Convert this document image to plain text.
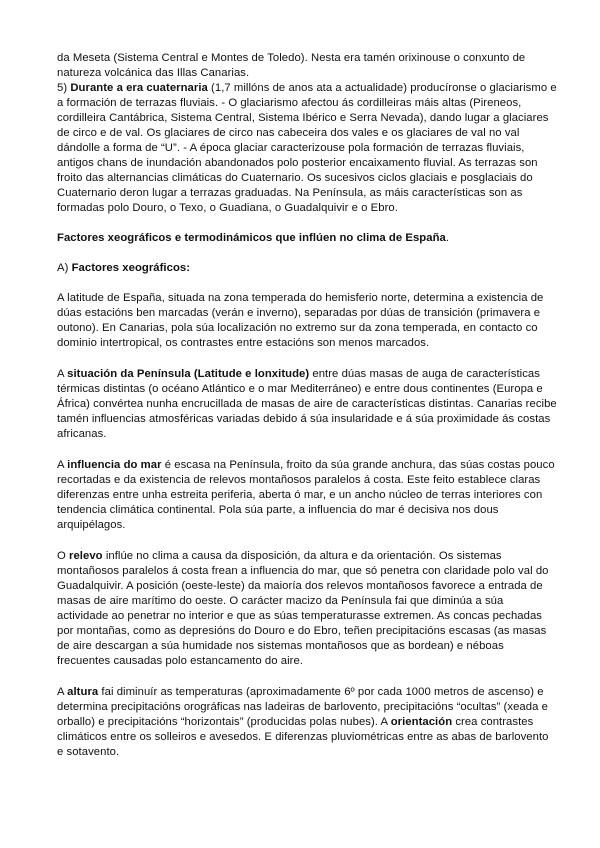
da Meseta (Sistema Central e Montes de Toledo). Nesta era tamén orixinouse o conxunto de natureza volcánica das Illas Canarias.

5) Durante a era cuaternaria (1,7 millóns de anos ata a actualidade) producíronse o glaciarismo e a formación de terrazas fluviais. - O glaciarismo afectou ás cordilleiras máis altas (Pireneos, cordilleira Cantábrica, Sistema Central, Sistema Ibérico e Serra Nevada), dando lugar a glaciares de circo e de val. Os glaciares de circo nas cabeceira dos vales e os glaciares de val no val dándolle a forma de “U”. - A época glaciar caracterizouse pola formación de terrazas fluviais, antigos chans de inundación abandonados polo posterior encaixamento fluvial. As terrazas son froito das alternancias climáticas do Cuaternario. Os sucesivos ciclos glaciais e posglaciais do Cuaternario deron lugar a terrazas graduadas. Na Península, as máis características son as formadas polo Douro, o Texo, o Guadiana, o Guadalquivir e o Ebro.

Factores xeográficos e termodinámicos que inflúen no clima de España.

A) Factores xeográficos:

A latitude de España, situada na zona temperada do hemisferio norte, determina a existencia de dúas estacións ben marcadas (verán e inverno), separadas por dúas de transición (primavera e outono). En Canarias, pola súa localización no extremo sur da zona temperada, en contacto co dominio intertropical, os contrastes entre estacións son menos marcados.

A situación da Península (Latitude e lonxitude) entre dúas masas de auga de características térmicas distintas (o océano Atlántico e o mar Mediterráneo) e entre dous continentes (Europa e África) convértea nunha encrucillada de masas de aire de características distintas. Canarias recibe tamén influencias atmosféricas variadas debido á súa insularidade e á súa proximidade ás costas africanas.

A influencia do mar é escasa na Península, froito da súa grande anchura, das súas costas pouco recortadas e da existencia de relevos montañosos paralelos á costa. Este feito establece claras diferenzas entre unha estreita periferia, aberta ó mar, e un ancho núcleo de terras interiores con tendencia climática continental. Pola súa parte, a influencia do mar é decisiva nos dous arquipélagos.

O relevo inflúe no clima a causa da disposición, da altura e da orientación. Os sistemas montañosos paralelos á costa frean a influencia do mar, que só penetra con claridade polo val do Guadalquivir. A posición (oeste-leste) da maioría dos relevos montañosos favorece a entrada de masas de aire marítimo do oeste. O carácter macizo da Península fai que diminúa a súa actividade ao penetrar no interior e que as súas temperaturasse extremen. As concas pechadas por montañas, como as depresións do Douro e do Ebro, teñen precipitacións escasas (as masas de aire descargan a súa humidade nos sistemas montañosos que as bordean) e néboas frecuentes causadas polo estancamento do aire.

A altura fai diminuír as temperaturas (aproximadamente 6º por cada 1000 metros de ascenso) e determina precipitacións orográficas nas ladeiras de barlovento, precipitacións “ocultas” (xeada e orballo) e precipitacións “horizontais” (producidas polas nubes). A orientación crea contrastes climáticos entre os solleiros e avesedos. E diferenzas pluviométricas entre as abas de barlovento e sotavento.
